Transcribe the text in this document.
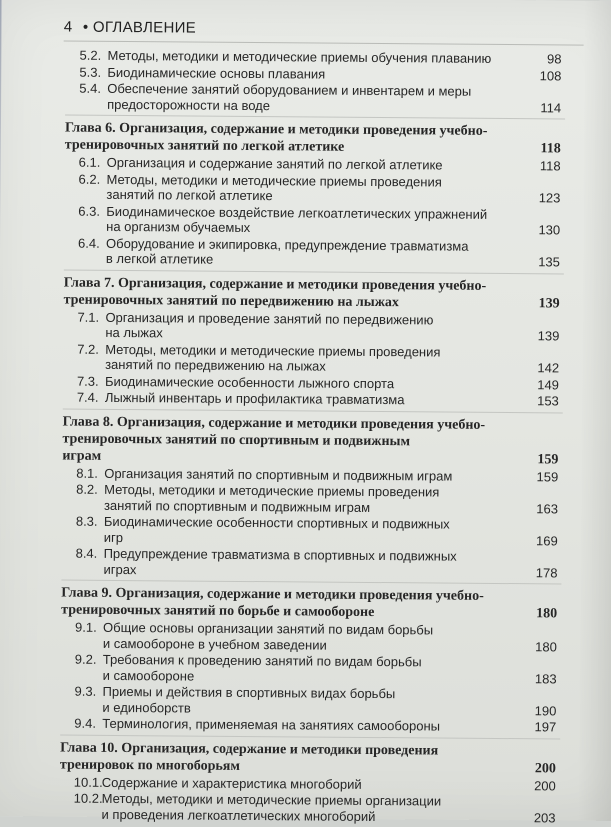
4 • ОГЛАВЛЕНИЕ
5.2. Методы, методики и методические приемы обучения плаванию	98
5.3. Биодинамические основы плавания	108
5.4. Обеспечение занятий оборудованием и инвентарем и меры
предосторожности на воде	114
Глава 6. Организация, содержание и методики проведения учебно-
тренировочных занятий по легкой атлетике	118
6.1. Организация и содержание занятий по легкой атлетике	118
6.2. Методы, методики и методические приемы проведения
занятий по легкой атлетике	123
6.3. Биодинамическое воздействие легкоатлетических упражнений
на организм обучаемых	130
6.4. Оборудование и экипировка, предупреждение травматизма
в легкой атлетике	135
Глава 7. Организация, содержание и методики проведения учебно-
тренировочных занятий по передвижению на лыжах	139
7.1. Организация и проведение занятий по передвижению
на лыжах	139
7.2. Методы, методики и методические приемы проведения
занятий по передвижению на лыжах	142
7.3. Биодинамические особенности лыжного спорта	149
7.4. Лыжный инвентарь и профилактика травматизма	153
Глава 8. Организация, содержание и методики проведения учебно-
тренировочных занятий по спортивным и подвижным
играм	159
8.1. Организация занятий по спортивным и подвижным играм	159
8.2. Методы, методики и методические приемы проведения
занятий по спортивным и подвижным играм	163
8.3. Биодинамические особенности спортивных и подвижных
игр	169
8.4. Предупреждение травматизма в спортивных и подвижных
играх	178
Глава 9. Организация, содержание и методики проведения учебно-
тренировочных занятий по борьбе и самообороне	180
9.1. Общие основы организации занятий по видам борьбы
и самообороне в учебном заведении	180
9.2. Требования к проведению занятий по видам борьбы
и самообороне	183
9.3. Приемы и действия в спортивных видах борьбы
и единоборств	190
9.4. Терминология, применяемая на занятиях самообороны	197
Глава 10. Организация, содержание и методики проведения
тренировок по многоборьям	200
10.1.
Содержание и характеристика многоборий	200
10.2.
Методы, методики и методические приемы организации
и проведения легкоатлетических многоборий	203
